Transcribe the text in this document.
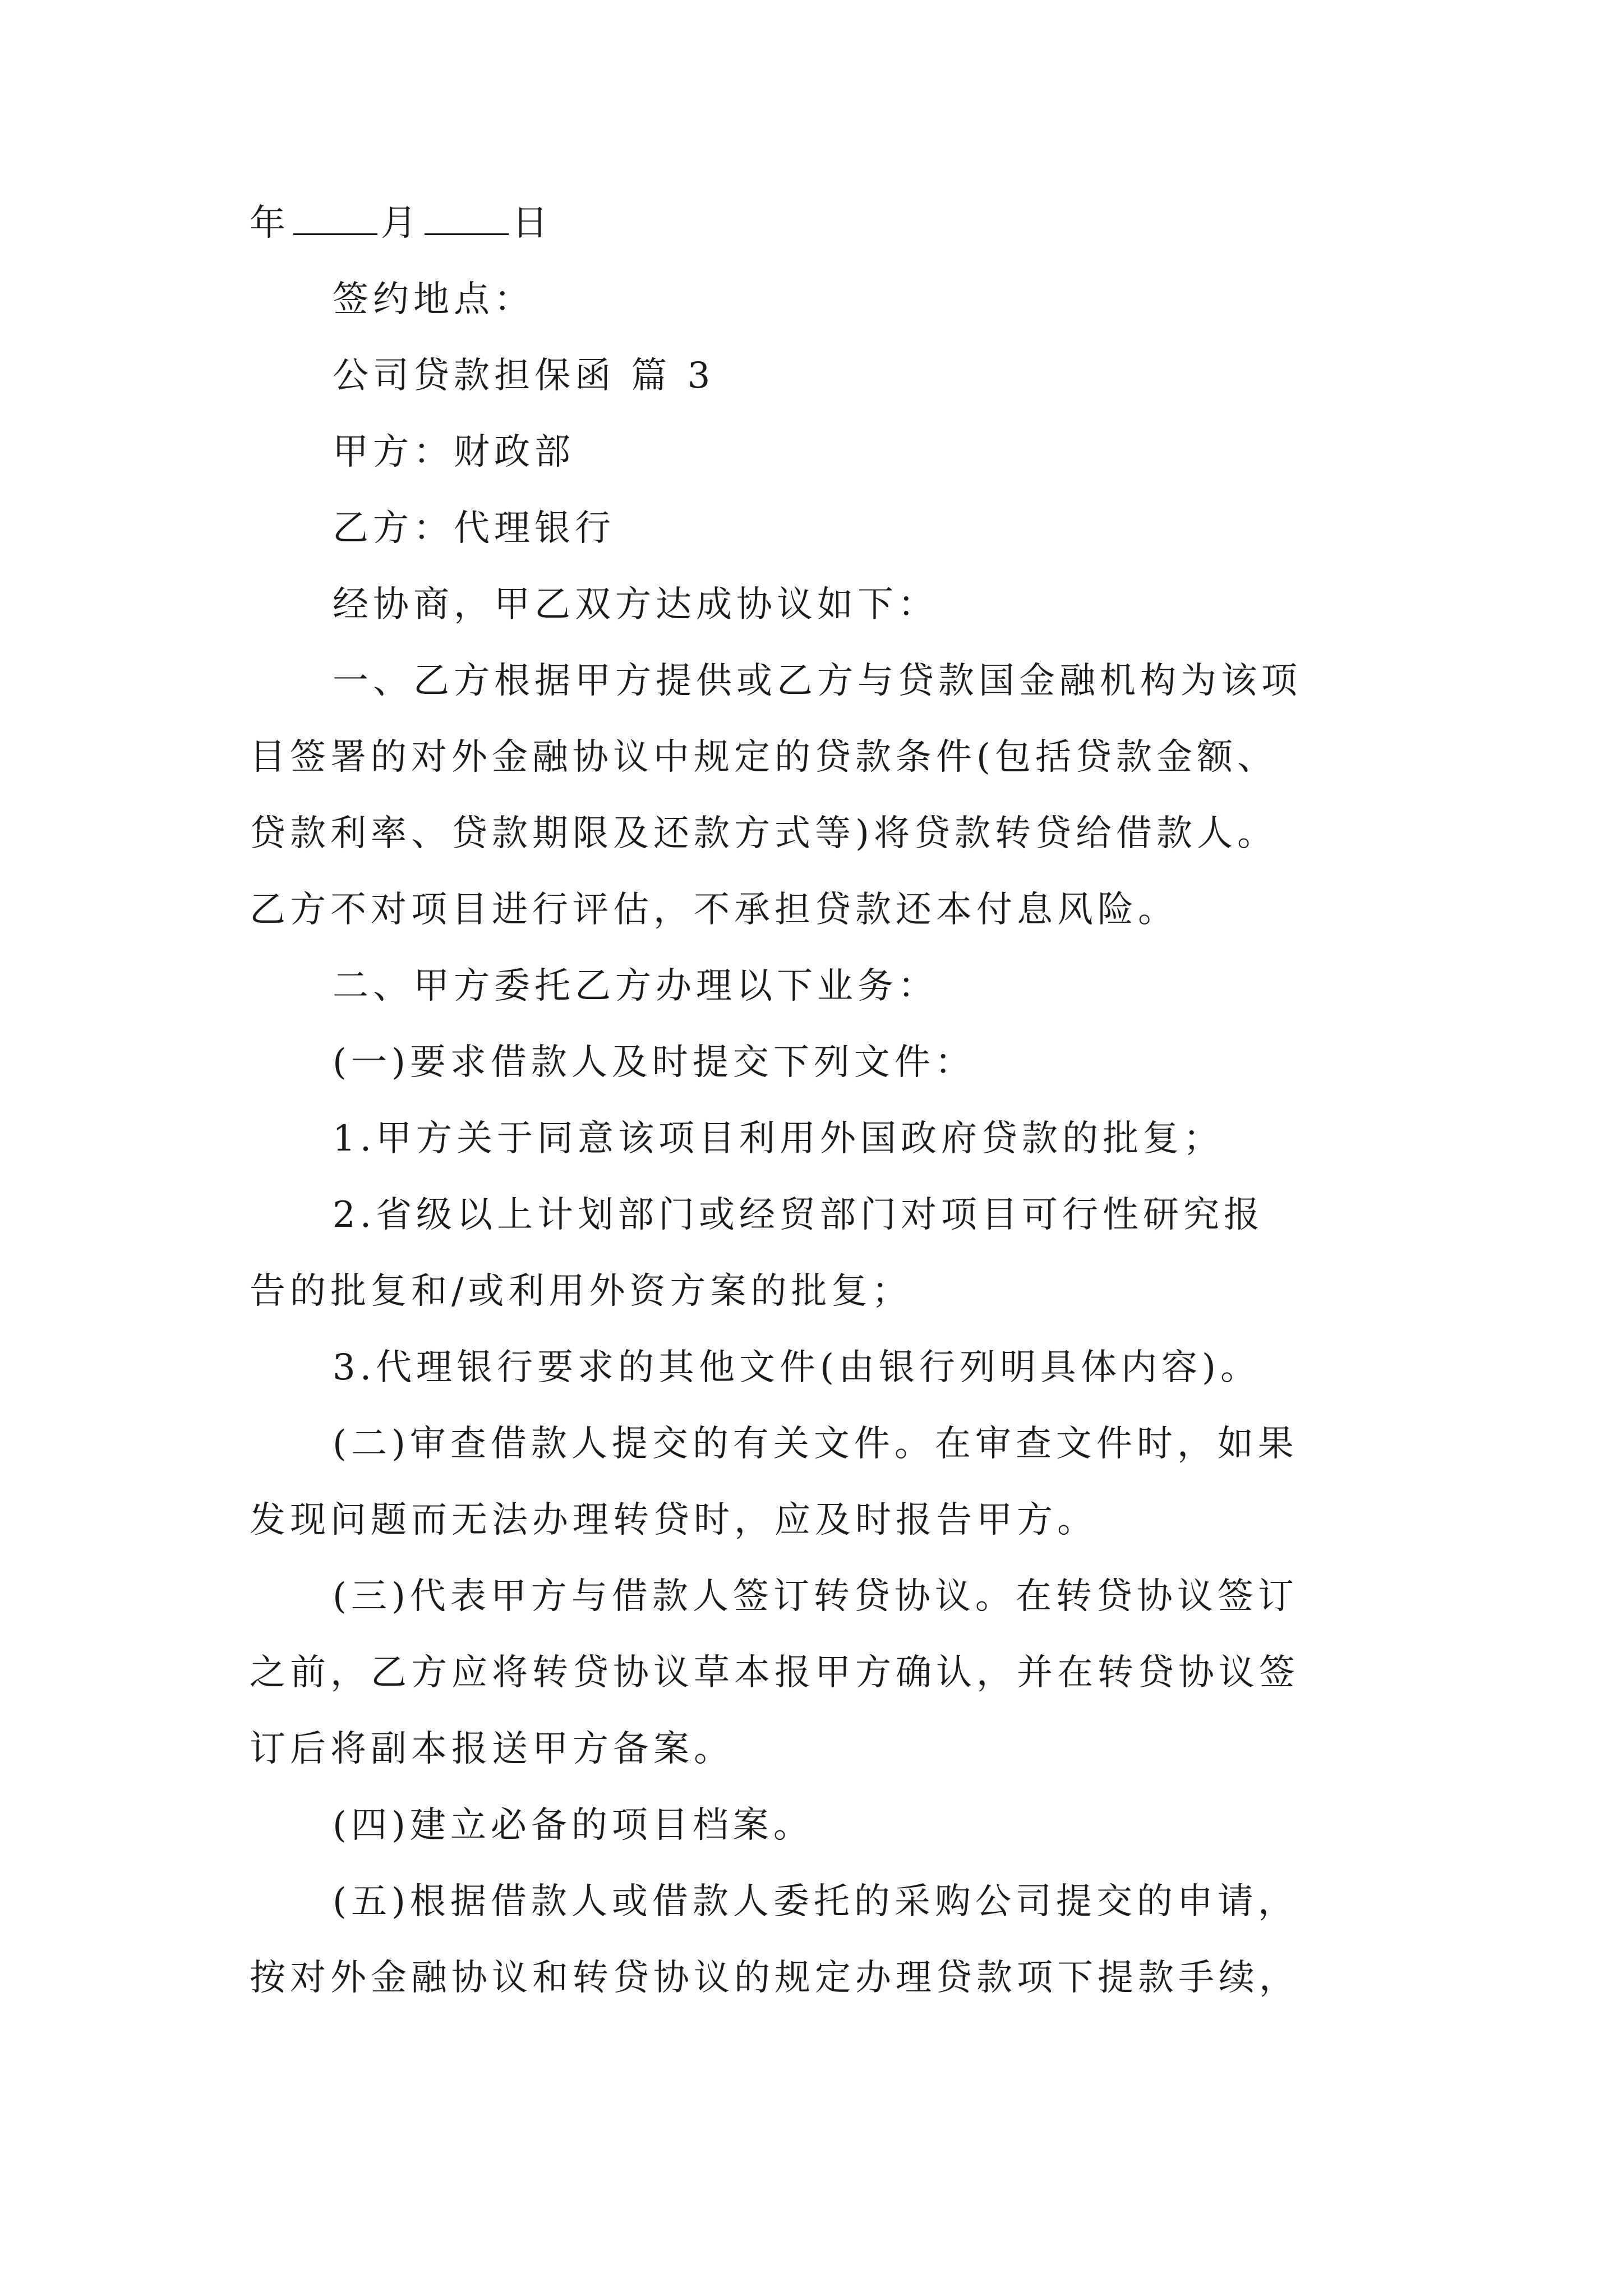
年	月	日
签约地点：
公司贷款担保函 篇 3
甲方：财政部
乙方：代理银行
经协商，甲乙双方达成协议如下：
一、乙方根据甲方提供或乙方与贷款国金融机构为该项
目签署的对外金融协议中规定的贷款条件(包括贷款金额、
贷款利率、贷款期限及还款方式等)将贷款转贷给借款人。
乙方不对项目进行评估，不承担贷款还本付息风险。
二、甲方委托乙方办理以下业务：
(一)要求借款人及时提交下列文件：
1.甲方关于同意该项目利用外国政府贷款的批复；
2.省级以上计划部门或经贸部门对项目可行性研究报
告的批复和/或利用外资方案的批复；
3.代理银行要求的其他文件(由银行列明具体内容)。
(二)审查借款人提交的有关文件。在审查文件时，如果
发现问题而无法办理转贷时，应及时报告甲方。
(三)代表甲方与借款人签订转贷协议。在转贷协议签订
之前，乙方应将转贷协议草本报甲方确认，并在转贷协议签
订后将副本报送甲方备案。
(四)建立必备的项目档案。
(五)根据借款人或借款人委托的采购公司提交的申请，
按对外金融协议和转贷协议的规定办理贷款项下提款手续，
